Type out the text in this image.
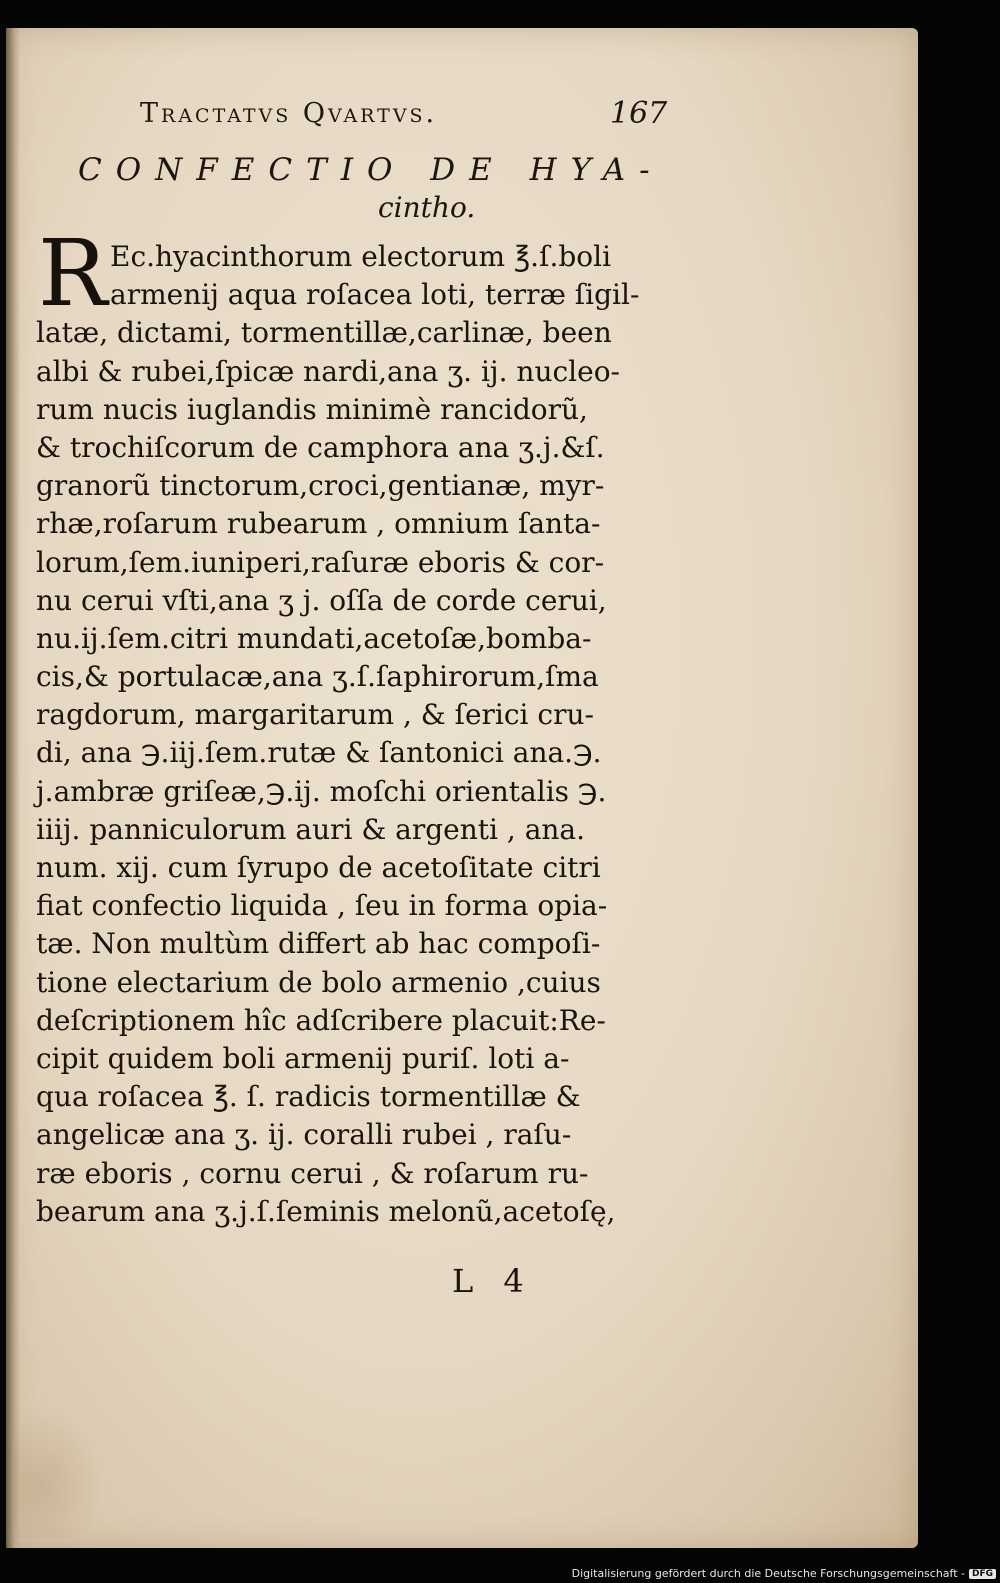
Tractatvs Qvartvs.	167
CONFECTIO DE HYA-
cintho.
R Ec.hyacinthorum electorum ℥.ſ.boli
armenij aqua roſacea loti, terræ ſigil-
latæ, dictami, tormentillæ,carlinæ, been
albi & rubei,ſpicæ nardi,ana ʒ. ij. nucleo-
rum nucis iuglandis minimè rancidorũ,
& trochiſcorum de camphora ana ʒ.j.&ſ.
granorũ tinctorum,croci,gentianæ, myr-
rhæ,roſarum rubearum , omnium ſanta-
lorum,ſem.iuniperi,raſuræ eboris & cor-
nu cerui vſti,ana ʒ j. oſſa de corde cerui,
nu.ij.ſem.citri mundati,acetoſæ,bomba-
cis,& portulacæ,ana ʒ.ſ.ſaphirorum,ſma
ragdorum, margaritarum , & ſerici cru-
di, ana ℈.iij.ſem.rutæ & ſantonici ana.℈.
j.ambræ griſeæ,℈.ij. moſchi orientalis ℈.
iiij. panniculorum auri & argenti , ana.
num. xij. cum ſyrupo de acetoſitate citri
fiat confectio liquida , ſeu in forma opia-
tæ. Non multùm differt ab hac compoſi-
tione electarium de bolo armenio ,cuius
deſcriptionem hîc adſcribere placuit:Re-
cipit quidem boli armenij puriſ. loti a-
qua roſacea ℥. ſ. radicis tormentillæ &
angelicæ ana ʒ. ij. coralli rubei , raſu-
ræ eboris , cornu cerui , & roſarum ru-
bearum ana ʒ.j.ſ.ſeminis melonũ,acetoſę,
L 4
Digitalisierung gefördert durch die Deutsche Forschungsgemeinschaft - DFG
